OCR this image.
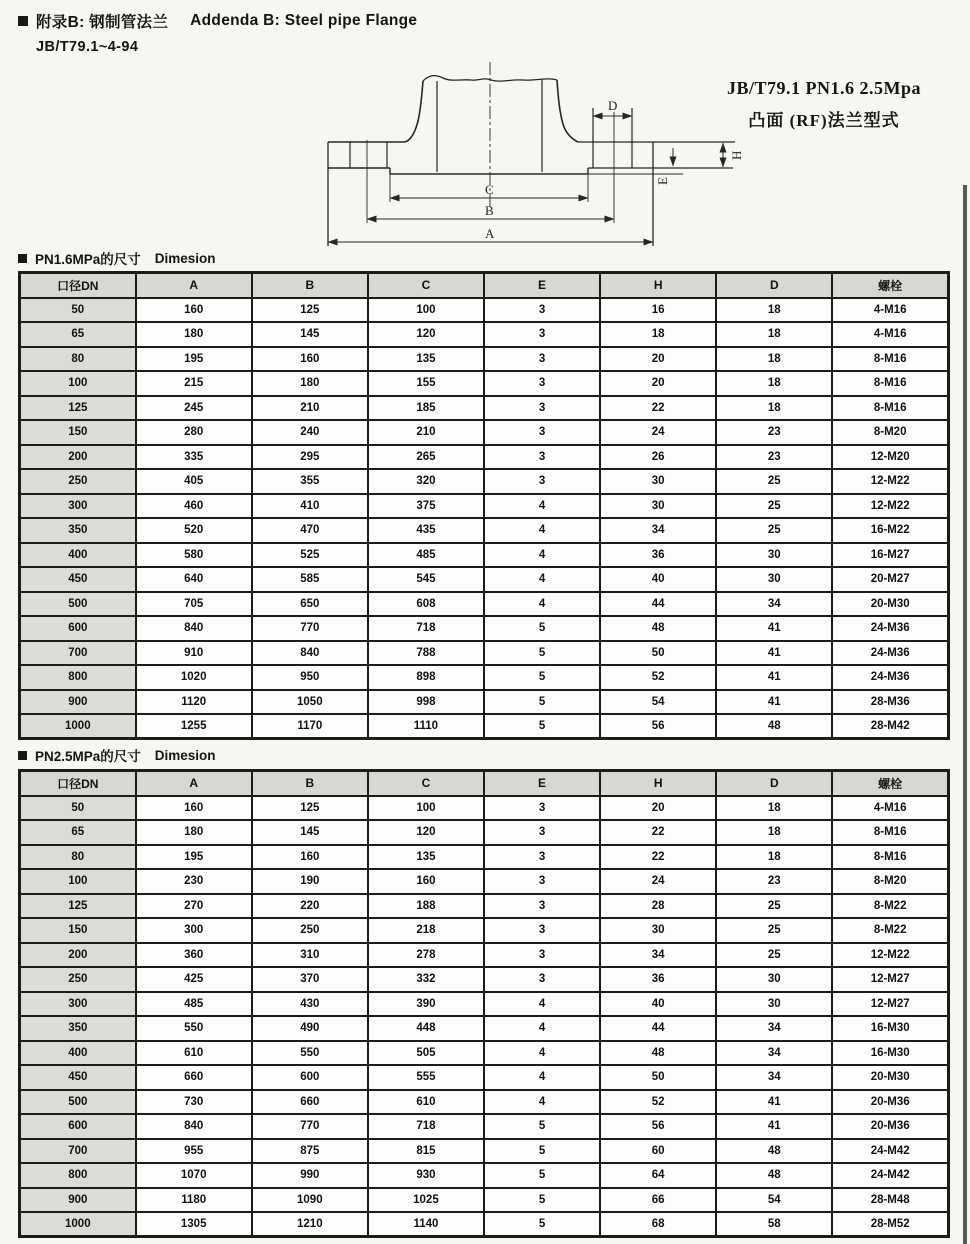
附录B: 钢制管法兰 Addenda B: Steel pipe Flange
JB/T79.1~4-94
JB/T79.1 PN1.6 2.5Mpa
凸面 (RF)法兰型式
D
H
E
C
B
A
PN1.6MPa的尺寸 Dimesion
口径DN	A	B	C	E	H	D	螺栓
50	160	125	100	3	16	18	4-M16
65	180	145	120	3	18	18	4-M16
80	195	160	135	3	20	18	8-M16
100	215	180	155	3	20	18	8-M16
125	245	210	185	3	22	18	8-M16
150	280	240	210	3	24	23	8-M20
200	335	295	265	3	26	23	12-M20
250	405	355	320	3	30	25	12-M22
300	460	410	375	4	30	25	12-M22
350	520	470	435	4	34	25	16-M22
400	580	525	485	4	36	30	16-M27
450	640	585	545	4	40	30	20-M27
500	705	650	608	4	44	34	20-M30
600	840	770	718	5	48	41	24-M36
700	910	840	788	5	50	41	24-M36
800	1020	950	898	5	52	41	24-M36
900	1120	1050	998	5	54	41	28-M36
1000	1255	1170	1110	5	56	48	28-M42
PN2.5MPa的尺寸 Dimesion
口径DN	A	B	C	E	H	D	螺栓
50	160	125	100	3	20	18	4-M16
65	180	145	120	3	22	18	8-M16
80	195	160	135	3	22	18	8-M16
100	230	190	160	3	24	23	8-M20
125	270	220	188	3	28	25	8-M22
150	300	250	218	3	30	25	8-M22
200	360	310	278	3	34	25	12-M22
250	425	370	332	3	36	30	12-M27
300	485	430	390	4	40	30	12-M27
350	550	490	448	4	44	34	16-M30
400	610	550	505	4	48	34	16-M30
450	660	600	555	4	50	34	20-M30
500	730	660	610	4	52	41	20-M36
600	840	770	718	5	56	41	20-M36
700	955	875	815	5	60	48	24-M42
800	1070	990	930	5	64	48	24-M42
900	1180	1090	1025	5	66	54	28-M48
1000	1305	1210	1140	5	68	58	28-M52
